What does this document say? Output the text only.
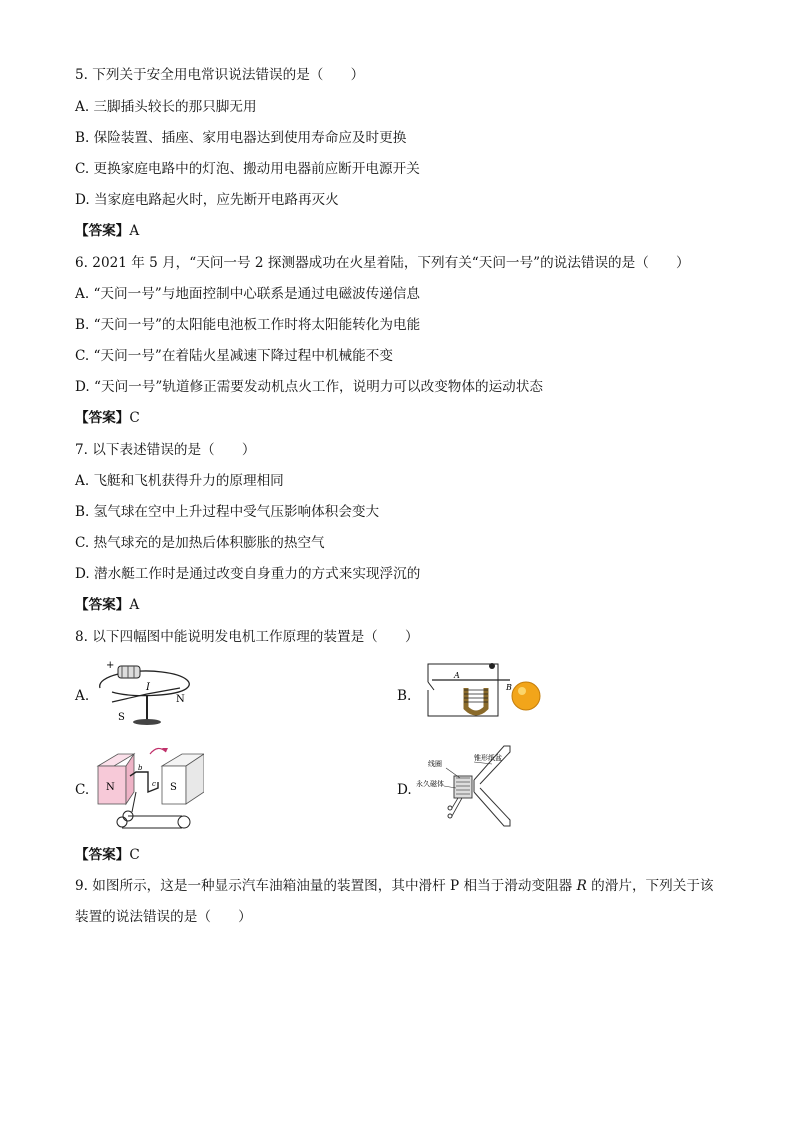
5. 下列关于安全用电常识说法错误的是（　　）
A. 三脚插头较长的那只脚无用
B. 保险装置、插座、家用电器达到使用寿命应及时更换
C. 更换家庭电路中的灯泡、搬动用电器前应断开电源开关
D. 当家庭电路起火时，应先断开电路再灭火
【答案】A
6. 2021 年 5 月，“天问一号 2 探测器成功在火星着陆，下列有关“天问一号”的说法错误的是（　　）
A. “天问一号”与地面控制中心联系是通过电磁波传递信息
B. “天问一号”的太阳能电池板工作时将太阳能转化为电能
C. “天问一号”在着陆火星减速下降过程中机械能不变
D. “天问一号”轨道修正需要发动机点火工作，说明力可以改变物体的运动状态
【答案】C
7. 以下表述错误的是（　　）
A. 飞艇和飞机获得升力的原理相同
B. 氢气球在空中上升过程中受气压影响体积会变大
C. 热气球充的是加热后体积膨胀的热空气
D. 潜水艇工作时是通过改变自身重力的方式来实现浮沉的
【答案】A
8. 以下四幅图中能说明发电机工作原理的装置是（　　）
A.
+
I
S
N	B.
A
B
C. N	S
b
c	D.
线圈
锥形纸盆
永久磁体
【答案】C
9. 如图所示，这是一种显示汽车油箱油量的装置图，其中滑杆 P 相当于滑动变阻器 R 的滑片，下列关于该装置的说法错误的是（　　）
